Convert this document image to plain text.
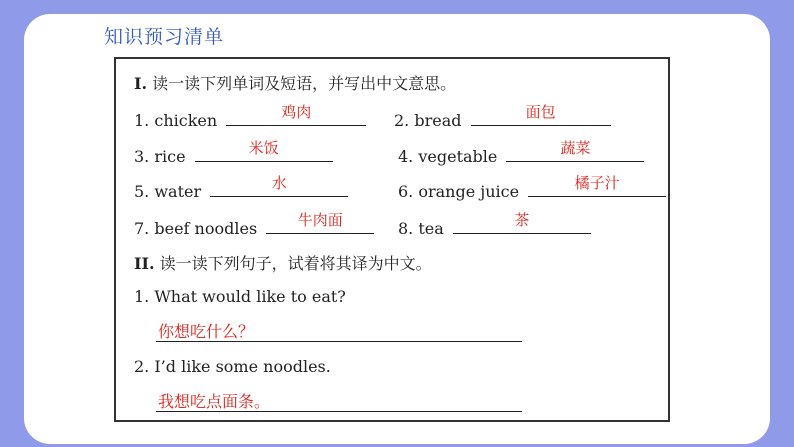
知识预习清单
I. 读一读下列单词及短语，并写出中文意思。
1. chicken	鸡肉	2. bread	面包
3. rice	米饭	4. vegetable	蔬菜
5. water	水	6. orange juice	橘子汁
7. beef noodles	牛肉面	8. tea	茶
II. 读一读下列句子，试着将其译为中文。
1. What would like to eat?
你想吃什么？
2. I’d like some noodles.
我想吃点面条。
